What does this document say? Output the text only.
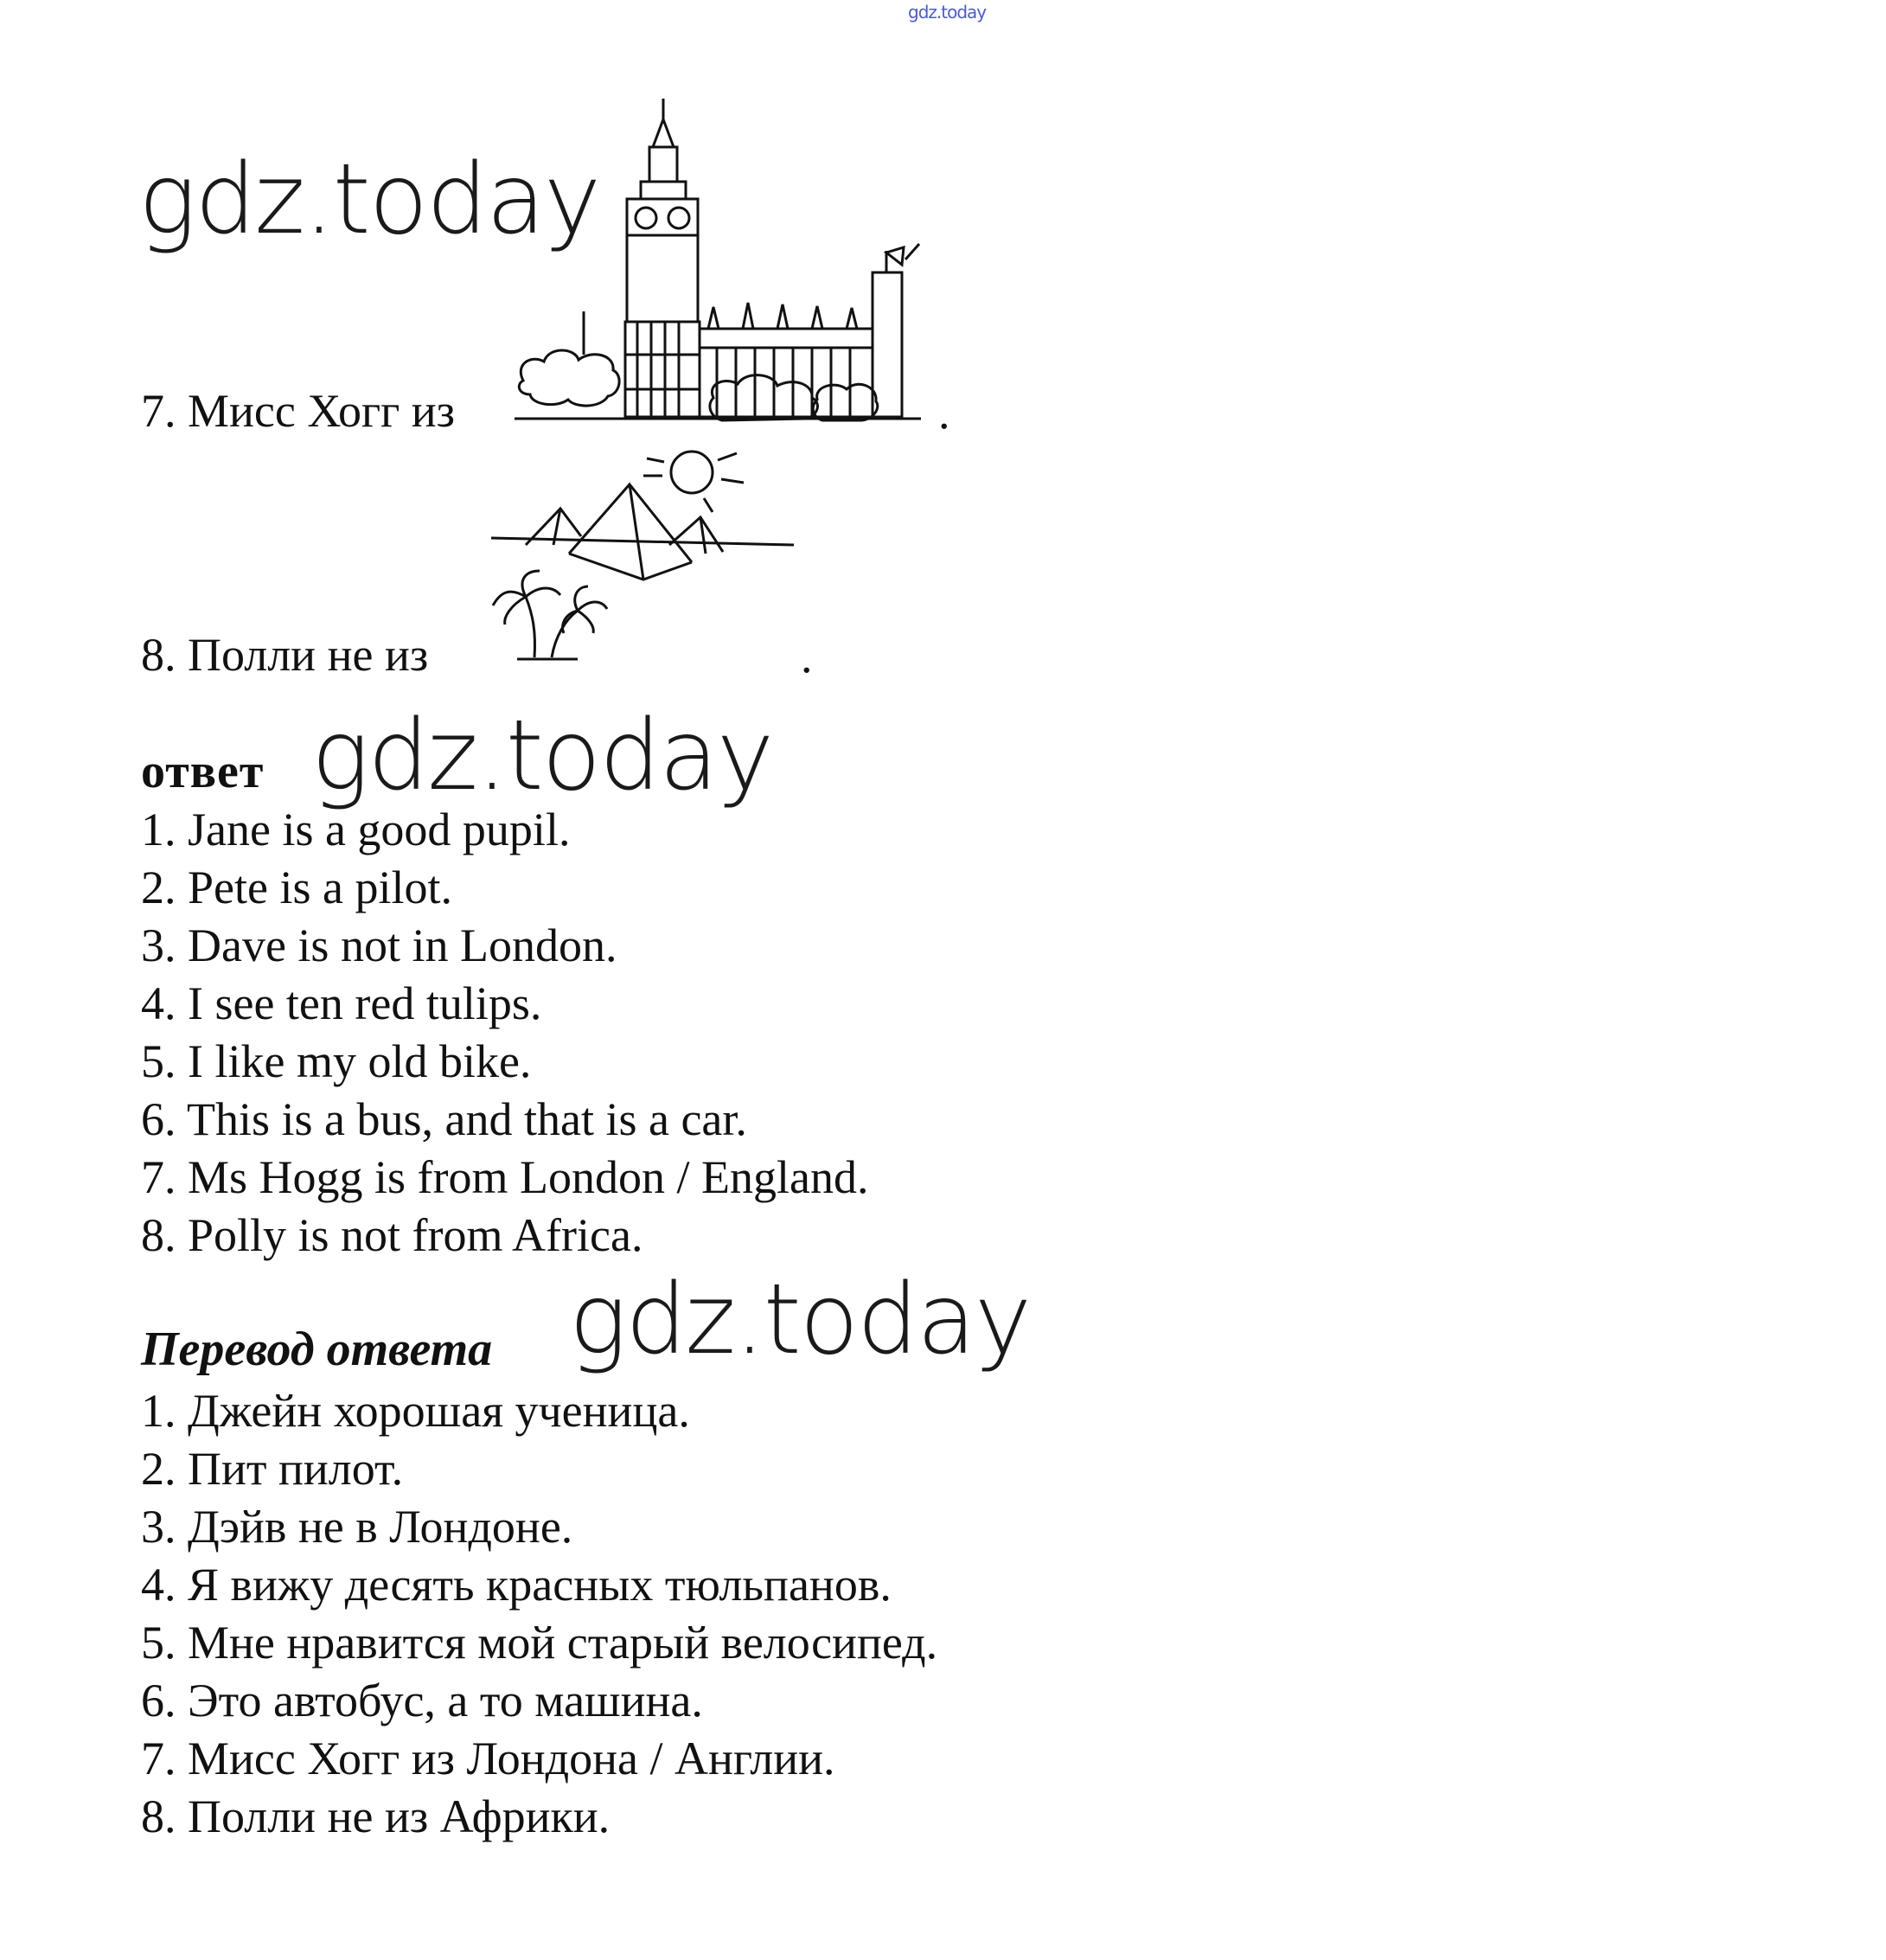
gdz.today
gdz.today
7. Мисс Хогг из	.
8. Полли не из	.
ответ gdz.today
1. Jane is a good pupil.
2. Pete is a pilot.
3. Dave is not in London.
4. I see ten red tulips.
5. I like my old bike.
6. This is a bus, and that is a car.
7. Ms Hogg is from London / England.
8. Polly is not from Africa.
Перевод ответа gdz.today
1. Джейн хорошая ученица.
2. Пит пилот.
3. Дэйв не в Лондоне.
4. Я вижу десять красных тюльпанов.
5. Мне нравится мой старый велосипед.
6. Это автобус, а то машина.
7. Мисс Хогг из Лондона / Англии.
8. Полли не из Африки.
